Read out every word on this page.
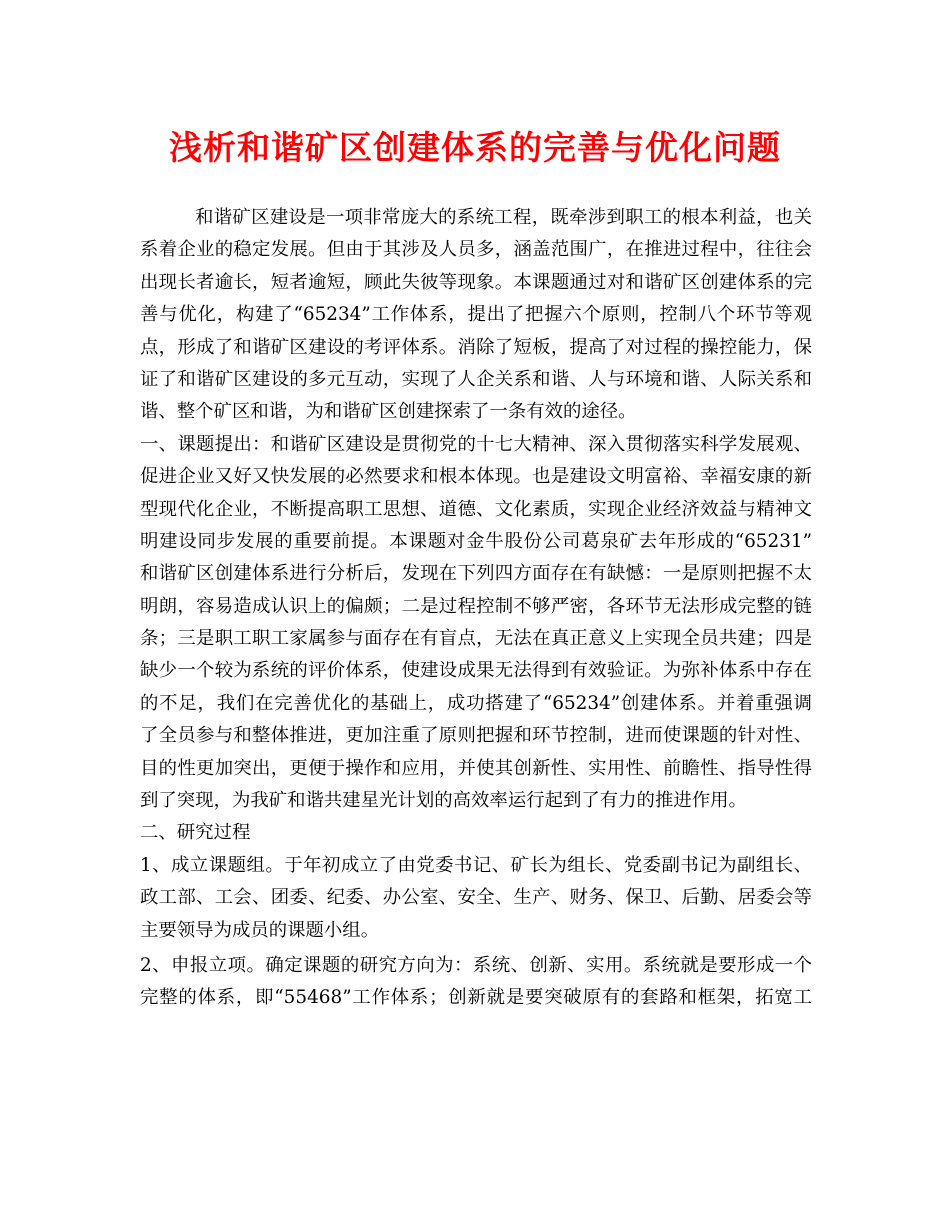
浅析和谐矿区创建体系的完善与优化问题
和谐矿区建设是一项非常庞大的系统工程，既牵涉到职工的根本利益，也关
系着企业的稳定发展。但由于其涉及人员多，涵盖范围广，在推进过程中，往往会
出现长者逾长，短者逾短，顾此失彼等现象。本课题通过对和谐矿区创建体系的完
善与优化，构建了“65234”工作体系，提出了把握六个原则，控制八个环节等观
点，形成了和谐矿区建设的考评体系。消除了短板，提高了对过程的操控能力，保
证了和谐矿区建设的多元互动，实现了人企关系和谐、人与环境和谐、人际关系和
谐、整个矿区和谐，为和谐矿区创建探索了一条有效的途径。
一、课题提出：和谐矿区建设是贯彻党的十七大精神、深入贯彻落实科学发展观、
促进企业又好又快发展的必然要求和根本体现。也是建设文明富裕、幸福安康的新
型现代化企业，不断提高职工思想、道德、文化素质，实现企业经济效益与精神文
明建设同步发展的重要前提。本课题对金牛股份公司葛泉矿去年形成的“65231”
和谐矿区创建体系进行分析后，发现在下列四方面存在有缺憾：一是原则把握不太
明朗，容易造成认识上的偏颇；二是过程控制不够严密，各环节无法形成完整的链
条；三是职工职工家属参与面存在有盲点，无法在真正意义上实现全员共建；四是
缺少一个较为系统的评价体系，使建设成果无法得到有效验证。为弥补体系中存在
的不足，我们在完善优化的基础上，成功搭建了“65234”创建体系。并着重强调
了全员参与和整体推进，更加注重了原则把握和环节控制，进而使课题的针对性、
目的性更加突出，更便于操作和应用，并使其创新性、实用性、前瞻性、指导性得
到了突现，为我矿和谐共建星光计划的高效率运行起到了有力的推进作用。
二、研究过程
1、成立课题组。于年初成立了由党委书记、矿长为组长、党委副书记为副组长、
政工部、工会、团委、纪委、办公室、安全、生产、财务、保卫、后勤、居委会等
主要领导为成员的课题小组。
2、申报立项。确定课题的研究方向为：系统、创新、实用。系统就是要形成一个
完整的体系，即“55468”工作体系；创新就是要突破原有的套路和框架，拓宽工
